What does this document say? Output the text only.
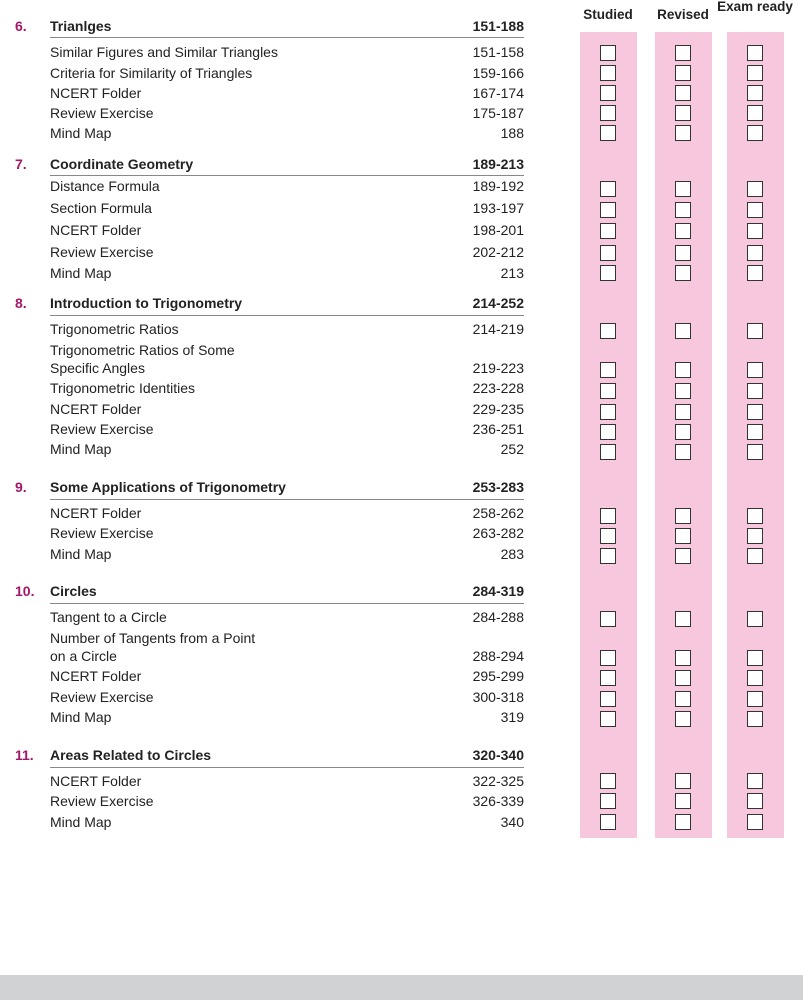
Studied	Revised
Exam ready
6. Trianlges	151-188
Similar Figures and Similar Triangles	151-158
Criteria for Similarity of Triangles	159-166
NCERT Folder	167-174
Review Exercise	175-187
Mind Map	188
7. Coordinate Geometry	189-213
Distance Formula	189-192
Section Formula	193-197
NCERT Folder	198-201
Review Exercise	202-212
Mind Map	213
8. Introduction to Trigonometry	214-252
Trigonometric Ratios	214-219
Trigonometric Ratios of Some
Specific Angles	219-223
Trigonometric Identities	223-228
NCERT Folder	229-235
Review Exercise	236-251
Mind Map	252
9. Some Applications of Trigonometry	253-283
NCERT Folder	258-262
Review Exercise	263-282
Mind Map	283
10. Circles	284-319
Tangent to a Circle	284-288
Number of Tangents from a Point
on a Circle	288-294
NCERT Folder	295-299
Review Exercise	300-318
Mind Map	319
11. Areas Related to Circles	320-340
NCERT Folder	322-325
Review Exercise	326-339
Mind Map	340
